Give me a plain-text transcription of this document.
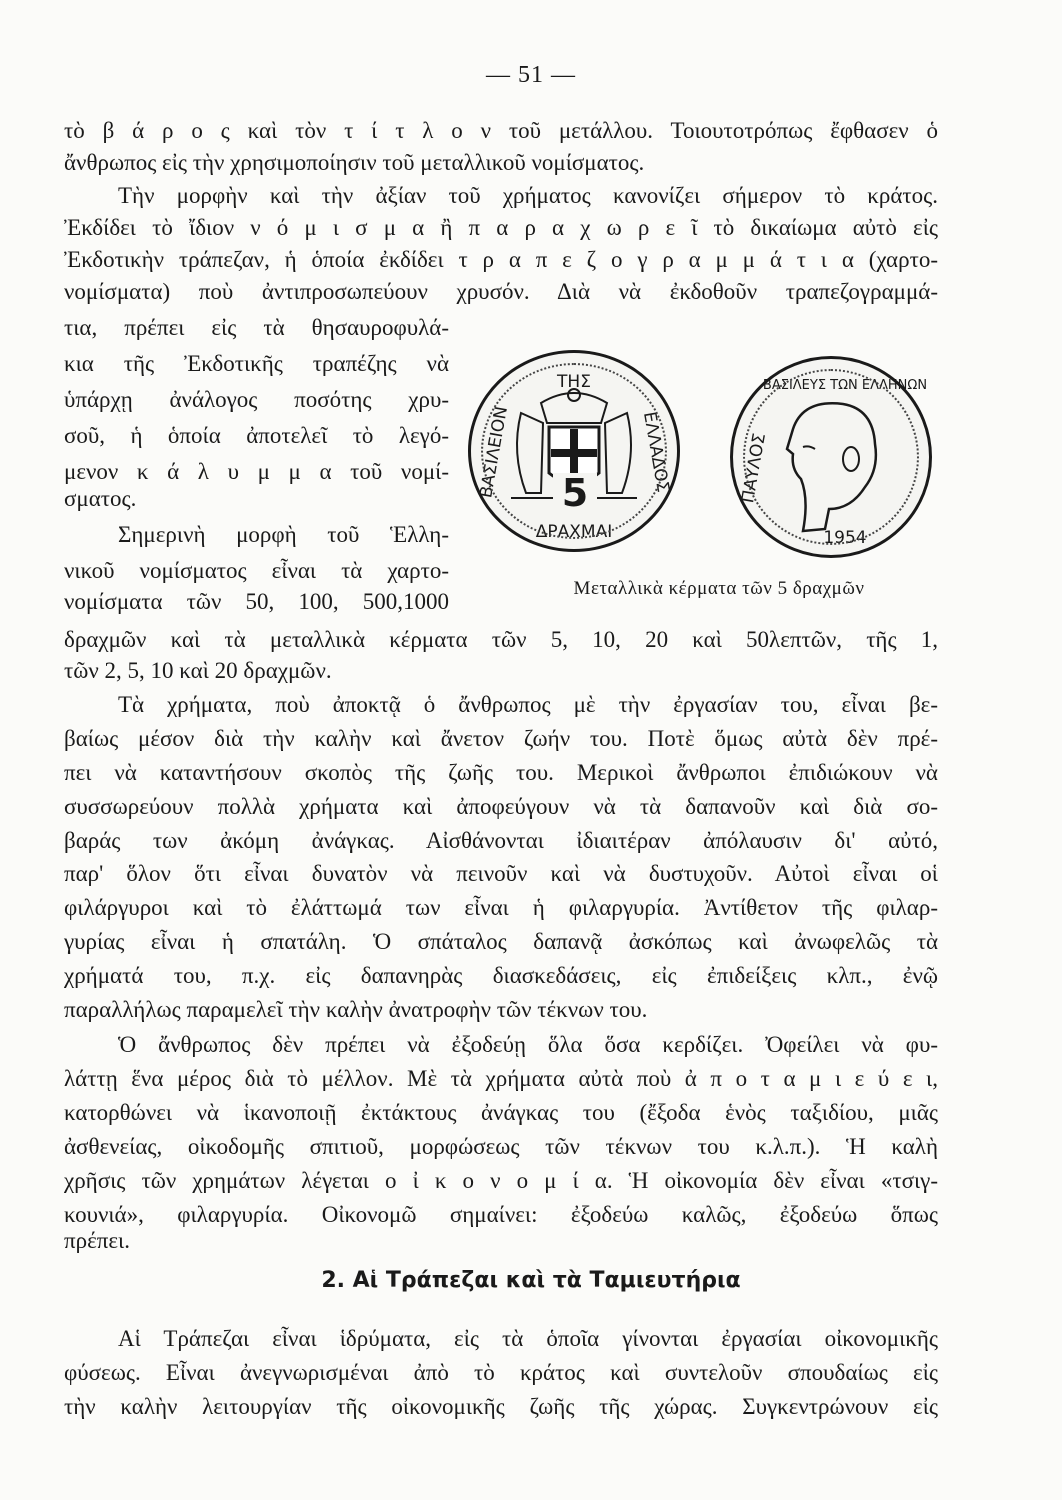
— 51 —
τὸ β ά ρ ο ς καὶ τὸν τ ί τ λ ο ν τοῦ μετάλλου. Τοιουτοτρόπως ἔφθασεν ὁ
ἄνθρωπος εἰς τὴν χρησιμοποίησιν τοῦ μεταλλικοῦ νομίσματος.
Τὴν μορφὴν καὶ τὴν ἀξίαν τοῦ χρήματος κανονίζει σήμερον τὸ κράτος.
Ἐκδίδει τὸ ἴδιον ν ό μ ι σ μ α ἢ π α ρ α χ ω ρ ε ῖ τὸ δικαίωμα αὐτὸ εἰς
Ἐκδοτικὴν τράπεζαν, ἡ ὁποία ἐκδίδει τ ρ α π ε ζ ο γ ρ α μ μ ά τ ι α (χαρτο-
νομίσματα) ποὺ ἀντιπροσωπεύουν χρυσόν. Διὰ νὰ ἐκδοθοῦν τραπεζογραμμά-
τια, πρέπει εἰς τὰ θησαυροφυλά-
κια τῆς Ἐκδοτικῆς τραπέζης νὰ
ὑπάρχῃ ἀνάλογος ποσότης χρυ-
σοῦ, ἡ ὁποία ἀποτελεῖ τὸ λεγό-
μενον κ ά λ υ μ μ α τοῦ νομί-
σματος.
Σημερινὴ μορφὴ τοῦ Ἑλλη-
νικοῦ νομίσματος εἶναι τὰ χαρτο-
νομίσματα τῶν 50, 100, 500,1000
δραχμῶν καὶ τὰ μεταλλικὰ κέρματα τῶν 5, 10, 20 καὶ 50λεπτῶν, τῆς 1,
τῶν 2, 5, 10 καὶ 20 δραχμῶν.
Τὰ χρήματα, ποὺ ἀποκτᾷ ὁ ἄνθρωπος μὲ τὴν ἐργασίαν του, εἶναι βε-
βαίως μέσον διὰ τὴν καλὴν καὶ ἄνετον ζωήν του. Ποτὲ ὅμως αὐτὰ δὲν πρέ-
πει νὰ καταντήσουν σκοπὸς τῆς ζωῆς του. Μερικοὶ ἄνθρωποι ἐπιδιώκουν νὰ
συσσωρεύουν πολλὰ χρήματα καὶ ἀποφεύγουν νὰ τὰ δαπανοῦν καὶ διὰ σο-
βαράς των ἀκόμη ἀνάγκας. Αἰσθάνονται ἰδιαιτέραν ἀπόλαυσιν δι' αὐτό,
παρ' ὅλον ὅτι εἶναι δυνατὸν νὰ πεινοῦν καὶ νὰ δυστυχοῦν. Αὐτοὶ εἶναι οἱ
φιλάργυροι καὶ τὸ ἐλάττωμά των εἶναι ἡ φιλαργυρία. Ἀντίθετον τῆς φιλαρ-
γυρίας εἶναι ἡ σπατάλη. Ὁ σπάταλος δαπανᾷ ἀσκόπως καὶ ἀνωφελῶς τὰ
χρήματά του, π.χ. εἰς δαπανηρὰς διασκεδάσεις, εἰς ἐπιδείξεις κλπ., ἐνῷ
παραλλήλως παραμελεῖ τὴν καλὴν ἀνατροφὴν τῶν τέκνων του.
Ὁ ἄνθρωπος δὲν πρέπει νὰ ἐξοδεύῃ ὅλα ὅσα κερδίζει. Ὀφείλει νὰ φυ-
λάττῃ ἕνα μέρος διὰ τὸ μέλλον. Μὲ τὰ χρήματα αὐτὰ ποὺ ἀ π ο τ α μ ι ε ύ ε ι,
κατορθώνει νὰ ἱκανοποιῇ ἐκτάκτους ἀνάγκας του (ἔξοδα ἑνὸς ταξιδίου, μιᾶς
ἀσθενείας, οἰκοδομῆς σπιτιοῦ, μορφώσεως τῶν τέκνων του κ.λ.π.). Ἡ καλὴ
χρῆσις τῶν χρημάτων λέγεται ο ἰ κ ο ν ο μ ί α. Ἡ οἰκονομία δὲν εἶναι «τσιγ-
κουνιά», φιλαργυρία. Οἰκονομῶ σημαίνει: ἐξοδεύω καλῶς, ἐξοδεύω ὅπως
πρέπει.
2. Αἱ Τράπεζαι καὶ τὰ Ταμιευτήρια
Αἱ Τράπεζαι εἶναι ἱδρύματα, εἰς τὰ ὁποῖα γίνονται ἐργασίαι οἰκονομικῆς
φύσεως. Εἶναι ἀνεγνωρισμέναι ἀπὸ τὸ κράτος καὶ συντελοῦν σπουδαίως εἰς
τὴν καλὴν λειτουργίαν τῆς οἰκονομικῆς ζωῆς τῆς χώρας. Συγκεντρώνουν εἰς
ΤΗΣ
ΒΑΣΙΛΕΙΟΝ	ΕΛΛΑΔΟΣ
ΔΡΑΧΜΑΙ
5
ΒΑΣΙΛΕΥΣ ΤΩΝ ΕΛΛΗΝΩΝ
ΠΑΥΛΟΣ
1954
Μεταλλικὰ κέρματα τῶν 5 δραχμῶν
